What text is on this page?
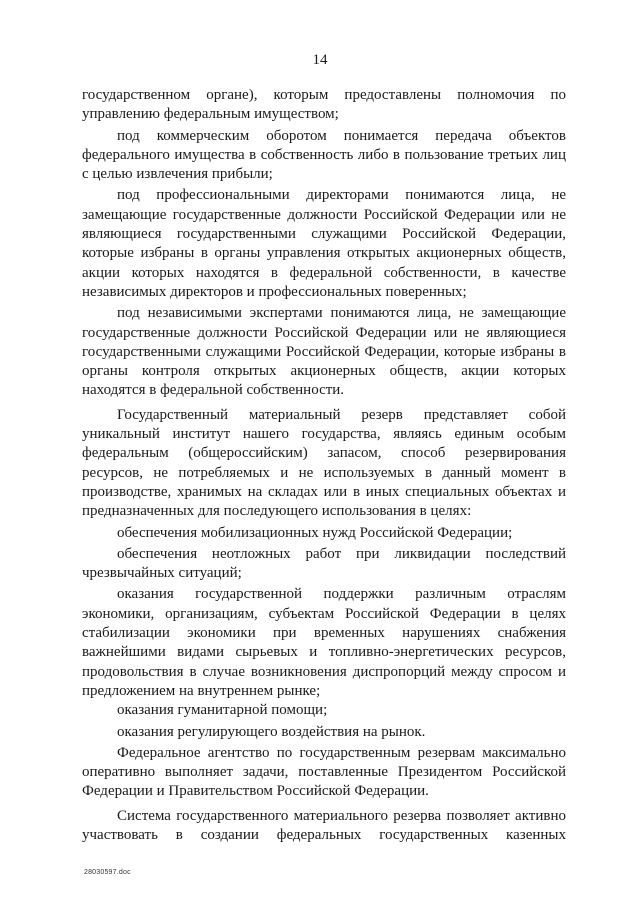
14

государственном органе), которым предоставлены полномочия по управлению федеральным имуществом;

под коммерческим оборотом понимается передача объектов федерального имущества в собственность либо в пользование третьих лиц с целью извлечения прибыли;

под профессиональными директорами понимаются лица, не замещающие государственные должности Российской Федерации или не являющиеся государственными служащими Российской Федерации, которые избраны в органы управления открытых акционерных обществ, акции которых находятся в федеральной собственности, в качестве независимых директоров и профессиональных поверенных;

под независимыми экспертами понимаются лица, не замещающие государственные должности Российской Федерации или не являющиеся государственными служащими Российской Федерации, которые избраны в органы контроля открытых акционерных обществ, акции которых находятся в федеральной собственности.

Государственный материальный резерв представляет собой уникальный институт нашего государства, являясь единым особым федеральным (общероссийским) запасом, способ резервирования ресурсов, не потребляемых и не используемых в данный момент в производстве, хранимых на складах или в иных специальных объектах и предназначенных для последующего использования в целях:

обеспечения мобилизационных нужд Российской Федерации;

обеспечения неотложных работ при ликвидации последствий чрезвычайных ситуаций;

оказания государственной поддержки различным отраслям экономики, организациям, субъектам Российской Федерации в целях стабилизации экономики при временных нарушениях снабжения важнейшими видами сырьевых и топливно-энергетических ресурсов, продовольствия в случае возникновения диспропорций между спросом и предложением на внутреннем рынке;

оказания гуманитарной помощи;

оказания регулирующего воздействия на рынок.

Федеральное агентство по государственным резервам максимально оперативно выполняет задачи, поставленные Президентом Российской Федерации и Правительством Российской Федерации.

Система государственного материального резерва позволяет активно участвовать в создании федеральных государственных казенных

28030597.doc
